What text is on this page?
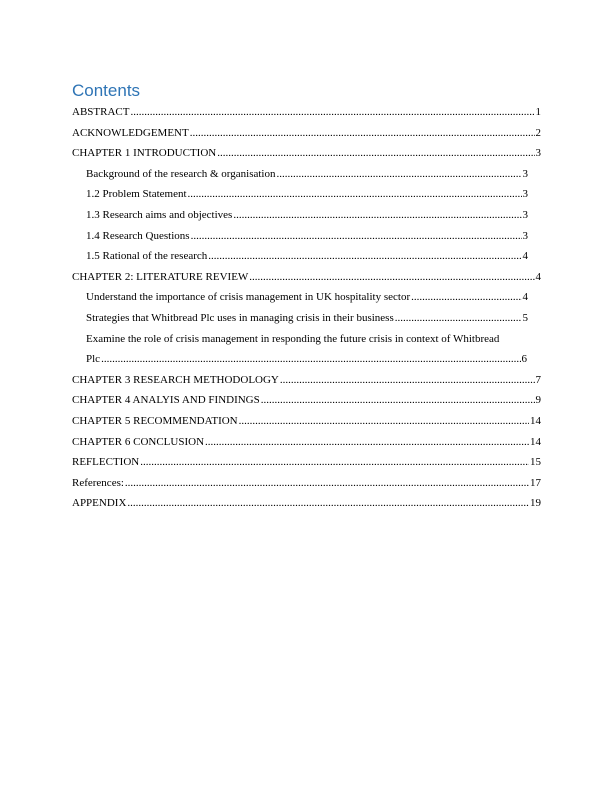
Contents
ABSTRACT .....	1
ACKNOWLEDGEMENT .....	2
CHAPTER 1 INTRODUCTION .....	3
Background of the research & organisation .....	3
1.2 Problem Statement .....	3
1.3 Research aims and objectives .....	3
1.4 Research Questions .....	3
1.5 Rational of the research .....	4
CHAPTER 2: LITERATURE REVIEW .....	4
Understand the importance of crisis management in UK hospitality sector .....	4
Strategies that Whitbread Plc uses in managing crisis in their business .....	5
Examine the role of crisis management in responding the future crisis in context of Whitbread
Plc .....	6
CHAPTER 3 RESEARCH METHODOLOGY .....	7
CHAPTER 4 ANALYIS AND FINDINGS .....	9
CHAPTER 5 RECOMMENDATION .....	14
CHAPTER 6 CONCLUSION .....	14
REFLECTION .....	15
References: .....	17
APPENDIX .....	19
